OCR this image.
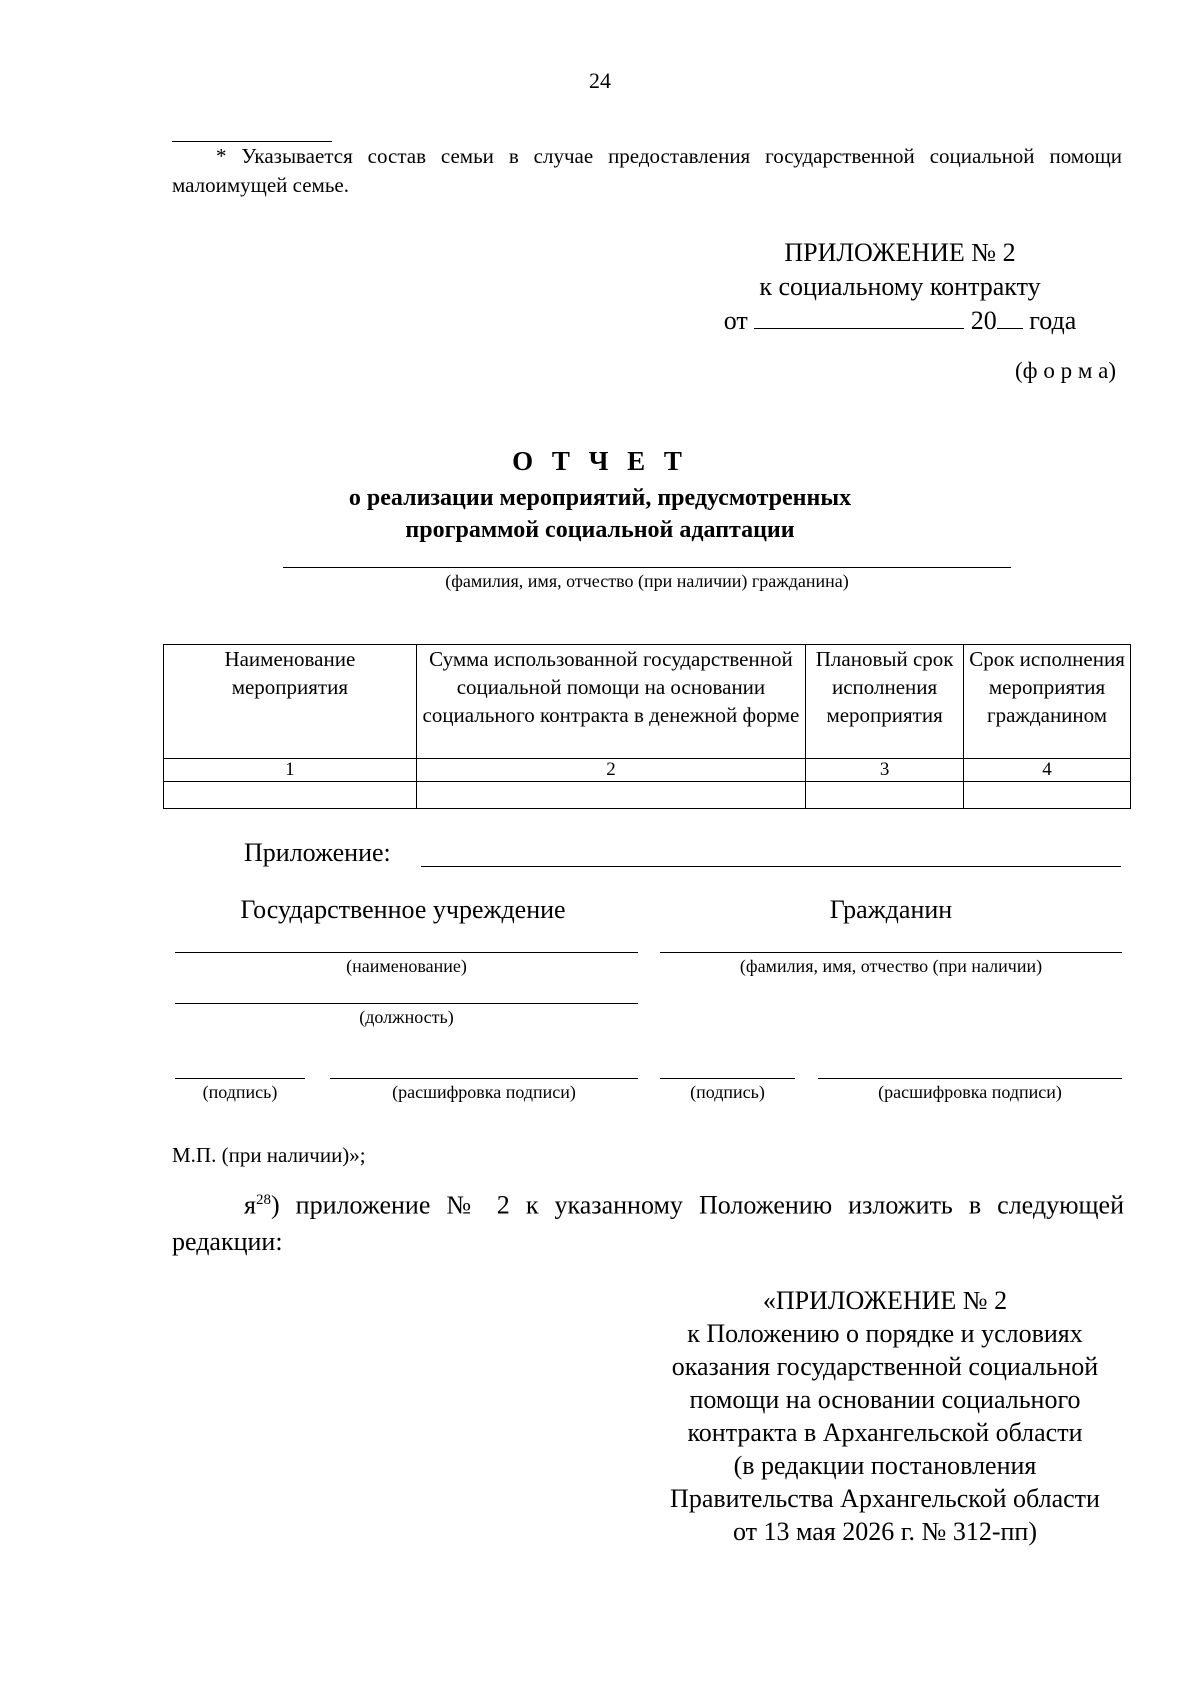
24
* Указывается состав семьи в случае предоставления государственной социальной помощи малоимущей семье.
ПРИЛОЖЕНИЕ № 2
к социальному контракту
от	20 года
(ф о р м а)
О Т Ч Е Т
о реализации мероприятий, предусмотренных
программой социальной адаптации
(фамилия, имя, отчество (при наличии) гражданина)
Наименование мероприятия	Сумма использованной государственной социальной помощи на основании социального контракта в денежной форме	Плановый срок исполнения мероприятия	Срок исполнения мероприятия гражданином
1	2	3	4

Приложение:
Государственное учреждение	Гражданин
(наименование)	(фамилия, имя, отчество (при наличии)
(должность)
(подпись)	(расшифровка подписи)	(подпись)	(расшифровка подписи)
М.П. (при наличии)»;
$я^{28}$) приложение № 2 к указанному Положению изложить в следующей редакции:
«ПРИЛОЖЕНИЕ № 2
к Положению о порядке и условиях
оказания государственной социальной
помощи на основании социального
контракта в Архангельской области
(в редакции постановления
Правительства Архангельской области
от 13 мая 2026 г. № 312-пп)
